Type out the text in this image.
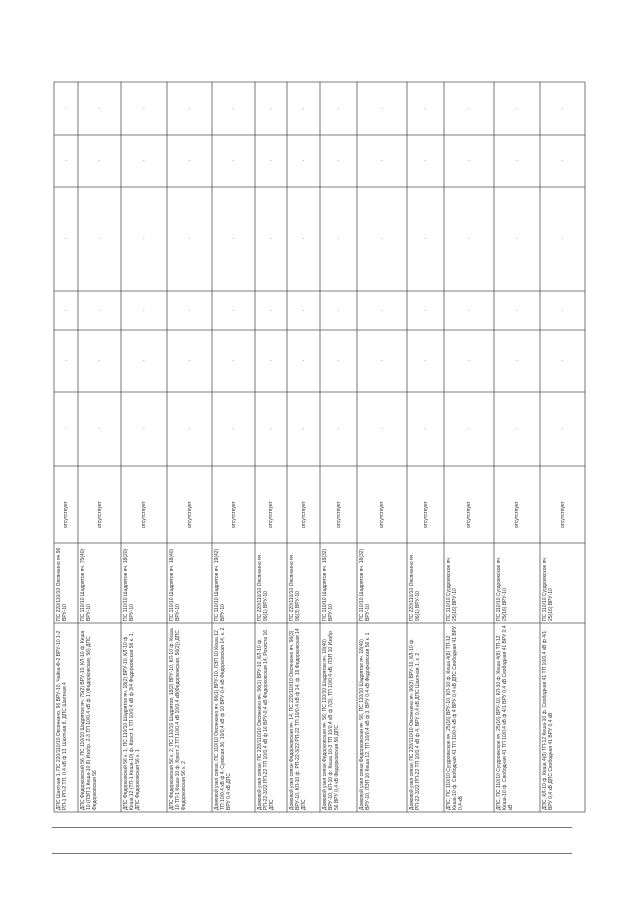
ДПС Шахтная 1, ПС 220/110/10 Овсянкино, 96 ВРУ-10, Чайка-Ф-2 ВРУ-10 1-2 РП-1 РП-2 ТП, 0,4 кВ ф 13, Шахтная 8, ДПС Шахтная 4
ПС 220/110/10 Овсянкино яч 96 ВРУ-10
отсутствует
-
-
-
-
-
-
ДПС Федорковский 56, ПС 110/10 Шадрятов яч. 75(2) ВРУ-10, КЛ-10 ф. Кеша 10 (ЛЭП 1 Кеша-10 8) Изобр. 2-3 ТП 10/0,4 кВ ф 1 (Федорковская, 56) ДПС Федорковская 56
ПС 110/10 Шадрятов яч. 75(40) ВРУ-10
отсутствует
-
-
-
-
-
-
ДПС Федорковский 56 к. 1, ПС 110/10 Шадрятов яч. 18(2) ВРУ-10, КЛ-10 ф. Кеша 12 (ТП-1 Кеша-10) ф. Крест 1 ТП 10/0,4 кВ ф 3/4 Федорковская 56 к. 1, ДПС Федорковская 56 к. 1
ПС 110/10 Шадрятов яч. 18(20) ВРУ-10
отсутствует
-
-
-
-
-
-
ДПС Федорковская 56 к. 2, ПС 110/10 Шадрятов, 18(2) ВРУ-10, КЛ-10 ф. Кеша 10 ТП-1 Кеша-10 ф. Крест 2 ТП 10/0,4 кВ 10/0,4 кВ(Федорковская, 56(2)) ДПС Федорковская 56 к. 2
ПС 110/10 Шадрятов яч. 18(40) ВРУ-10
отсутствует
-
-
-
-
-
-
Домовой узел связи, ПС 110/10 Овсянкино яч. 96(1) ВРУ-10, ЛЭП 10 Кеша 12, ТП 10/0,4 кВ ф 4, Сумская 36, 10/0,4 кВ ф 10 ВРУ-0,4 кВ Федорковская 14, к. 2 ВРУ 0,4 кВ ДПС
ПС 110/10 Шадрятов яч. 19(42) ВРУ-10
отсутствует
-
-
-
-
-
-
Домовой узел связи, ПС 220/110/10 Овсянкино яч. 96(1) ВРУ-10, КЛ-10 ф. РП-22-3/22 РП-22 ТП 10/0,4 кВ ф 16 ВРУ-0,4 кВ Федорковская 14, Рохиста 16 ДПС
ПС 220/110/10 Овсянкино яч. 96(1) ВРУ-10
отсутствует
-
-
-
-
-
-
Домовой узел связи Федорковская яч. 14, ПС 220/110/10 Овсянкино яч. 96(3) ВРУ-10, КЛ-10 ф. РП-22-3/22 РП-22 ТП 10/0,4 кВ ф 14, ф. 19 Федорковская 14 ДПС
ПС 220/110/10 Овсянкино яч. 96(3) ВРУ-10
отсутствует
-
-
-
-
-
-
Домовой узел связи Федорковская яч. 56, ПС 110/10 Шадрятов яч. 18(40) ВРУ-10, КЛ-10 ф. Кеша 10-3 ТП 10/0,4 кВ ф 7(3), ТП 10/0,4 кВ, ЛЭП 10 Изобр. 56 ВРУ 0,4 кВ Федорковская 56 ДПС
ПС 110/10 Шадрятов яч. 18(32) ВРУ-10
отсутствует
-
-
-
-
-
-
Домовой узел связи Федорковская яч. 56, ПС 110/10 Шадрятов яч. 18(40) ВРУ-10, ЛЭП 10 Кеша 12, ТП 10/0,4 кВ ф 3, ВРУ 0,4 кВ Федорковская 56 к. 1
ПС 110/10 Шадрятов яч. 18(32) ВРУ-10
отсутствует
-
-
-
-
-
-
Домовой узел связи, ПС 220/110/10 Овсянкино яч. 96(3) ВРУ-10, КЛ-10 ф. РП-22-3/22 РП-22 ТП 10/0,4 кВ ф 4, ВРУ 0,4 кВ ДПС Шахтная 1, к. 2
ПС 220/110/10 Овсянкино яч. 96(1) ВРУ-10
отсутствует
-
-
-
-
-
-
ДПС, ПС 110/10 Сугдровкское яч. 25(16) ВРУ-10, КЛ-10 ф. Кеша 4(8) ТП-12 Кеша-10 ф. Свободная 41 ТП 10/0,4 кВ ф 4 ВРУ 0,4 кВ ДПС Свободная 41 ВРУ 0,4 кВ
ПС 110/10 Сугдровкское яч. 25(16) ВРУ-10
отсутствует
-
-
-
-
-
-
ДПС, ПС 110/10 Сугдровкское яч. 25(16) ВРУ-10, КЛ-10 ф. Кеша 4(8) ТП-12 Кеша-10 ф. Свободная 41 ТП 10/0,4 кВ ф 4/1 ВРУ 0,4 кВ Свободная 41 ВРУ 0,4 кВ
ПС 110/10 Сугдровкское яч. 25(16) ВРУ-10
отсутствует
-
-
-
-
-
-
ДПС, КЛ-10 ф. Кеша 4(8) ТП-12 Кеша-10 ф. Свободная 41 ТП 10/0,4 кВ ф 4/1 ВРУ 0,4 кВ ДПС Свободная 41 ВРУ 0,4 кВ
ПС 110/10 Сугдровкское яч. 25(16) ВРУ-10
отсутствует
-
-
-
-
-
-
